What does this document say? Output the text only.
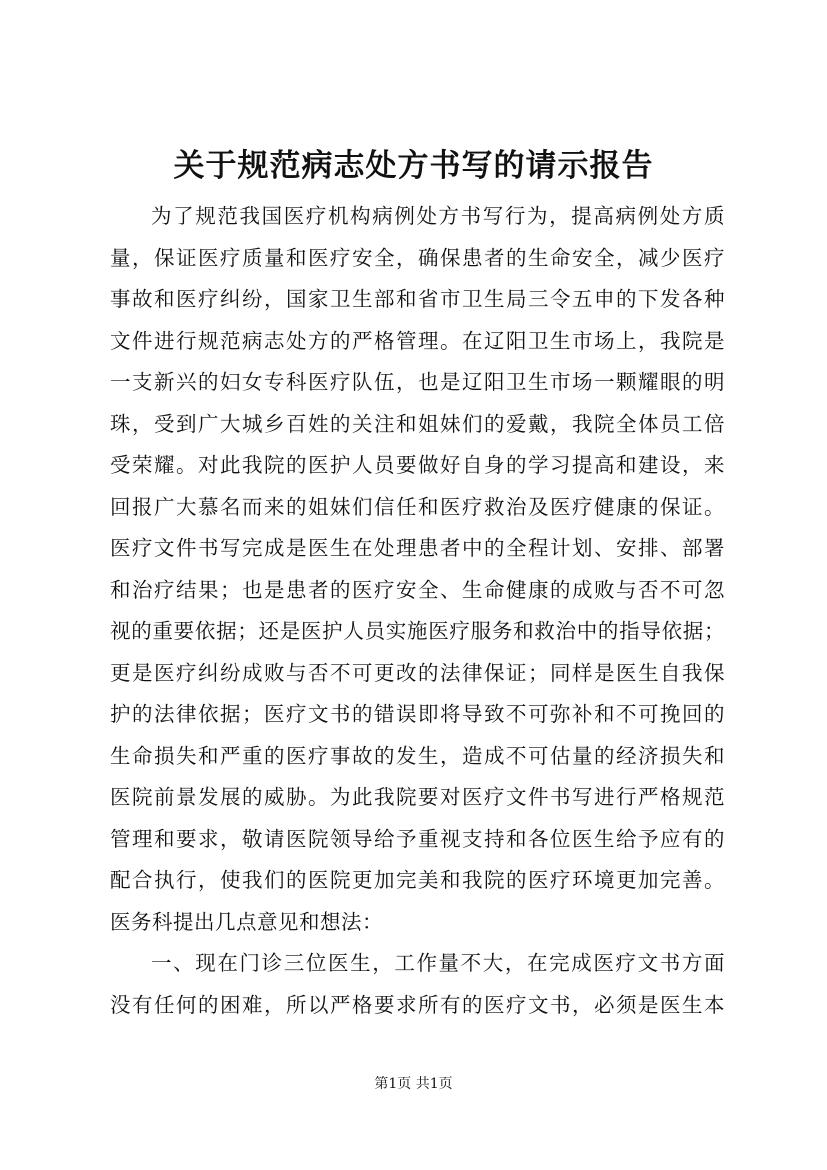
关于规范病志处方书写的请示报告
为了规范我国医疗机构病例处方书写行为，提高病例处方质
量，保证医疗质量和医疗安全，确保患者的生命安全，减少医疗
事故和医疗纠纷，国家卫生部和省市卫生局三令五申的下发各种
文件进行规范病志处方的严格管理。在辽阳卫生市场上，我院是
一支新兴的妇女专科医疗队伍，也是辽阳卫生市场一颗耀眼的明
珠，受到广大城乡百姓的关注和姐妹们的爱戴，我院全体员工倍
受荣耀。对此我院的医护人员要做好自身的学习提高和建设，来
回报广大慕名而来的姐妹们信任和医疗救治及医疗健康的保证。
医疗文件书写完成是医生在处理患者中的全程计划、安排、部署
和治疗结果；也是患者的医疗安全、生命健康的成败与否不可忽
视的重要依据；还是医护人员实施医疗服务和救治中的指导依据；
更是医疗纠纷成败与否不可更改的法律保证；同样是医生自我保
护的法律依据；医疗文书的错误即将导致不可弥补和不可挽回的
生命损失和严重的医疗事故的发生，造成不可估量的经济损失和
医院前景发展的威胁。为此我院要对医疗文件书写进行严格规范
管理和要求，敬请医院领导给予重视支持和各位医生给予应有的
配合执行，使我们的医院更加完美和我院的医疗环境更加完善。
医务科提出几点意见和想法：
一、现在门诊三位医生，工作量不大，在完成医疗文书方面
没有任何的困难，所以严格要求所有的医疗文书，必须是医生本
第1页 共1页
